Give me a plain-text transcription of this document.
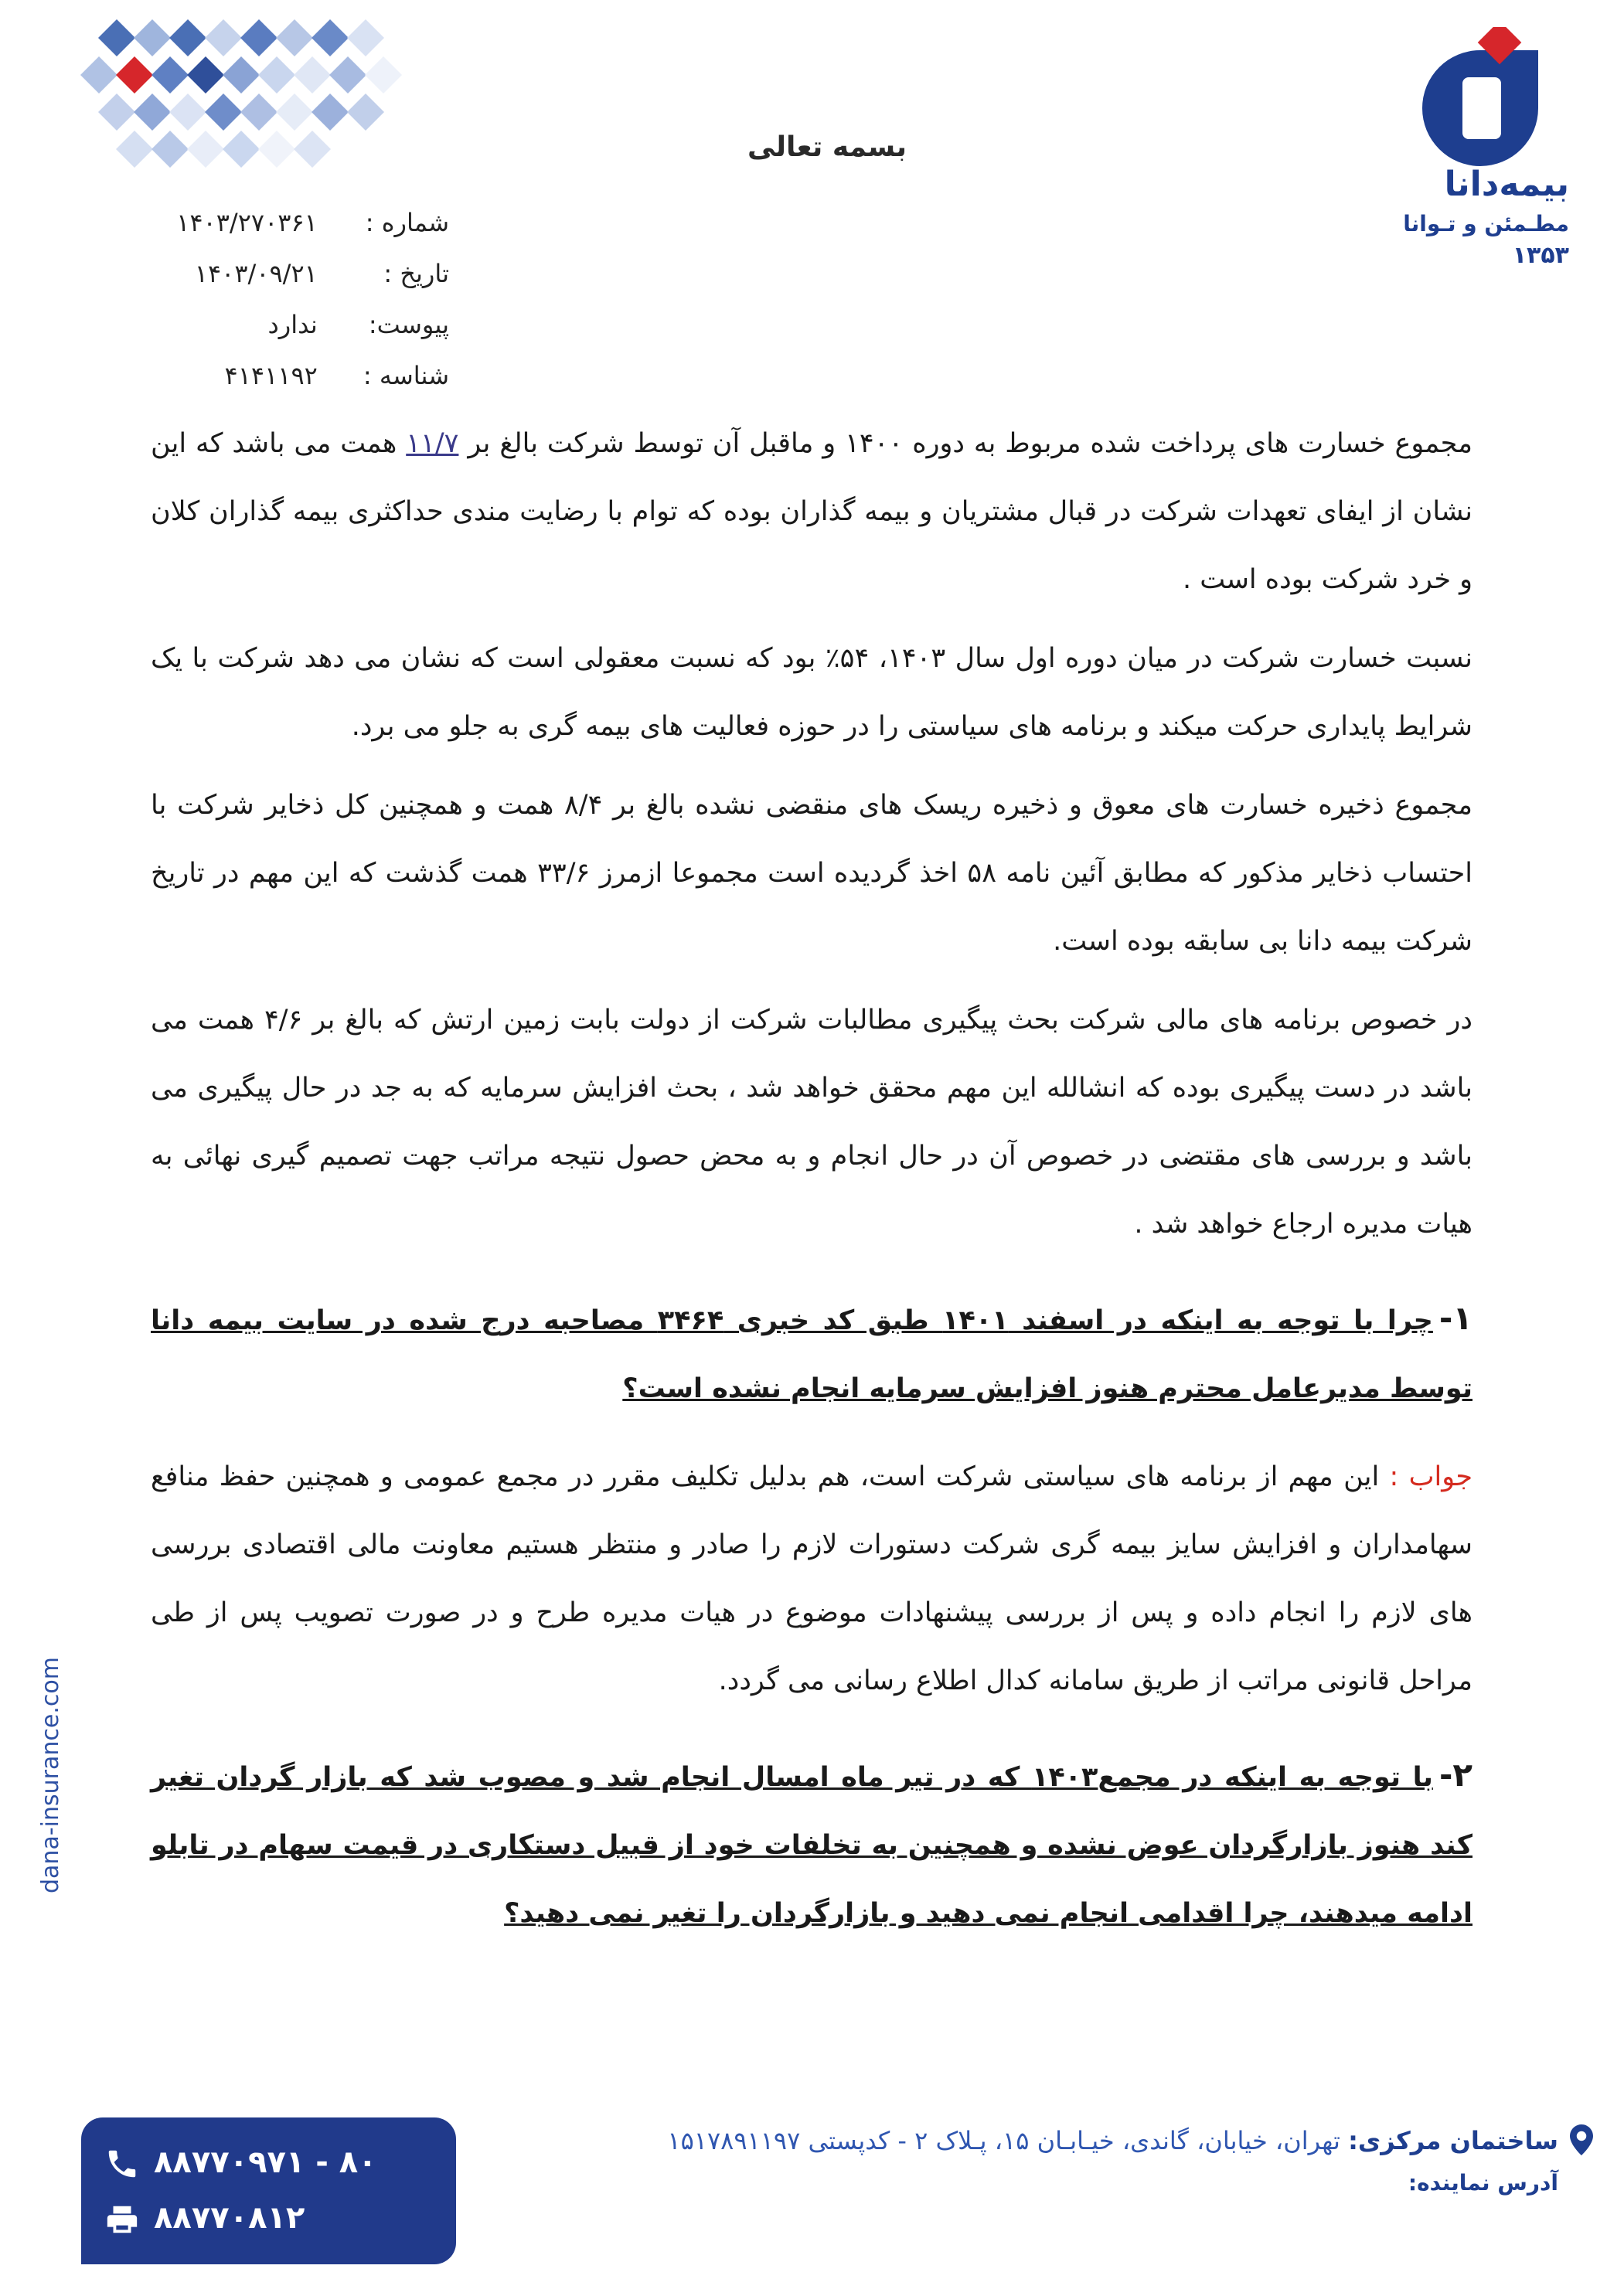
بیمه‌دانا
مطـمئن و تـوانا
۱۳۵۳
بسمه تعالی
شماره : ۱۴۰۳/۲۷۰۳۶۱
تاریخ : ۱۴۰۳/۰۹/۲۱
پیوست: ندارد
شناسه : ۴۱۴۱۱۹۲

مجموع خسارت های پرداخت شده مربوط به دوره ۱۴۰۰ و ماقبل آن توسط شرکت بالغ بر ۱۱/۷ همت می باشد که این نشان از ایفای تعهدات شرکت در قبال مشتریان و بیمه گذاران بوده که توام با رضایت مندی حداکثری بیمه گذاران کلان و خرد شرکت بوده است .

نسبت خسارت شرکت در میان دوره اول سال ۱۴۰۳، ۵۴٪ بود که نسبت معقولی است که نشان می دهد شرکت با یک شرایط پایداری حرکت میکند و برنامه های سیاستی را در حوزه فعالیت های بیمه گری به جلو می برد.

مجموع ذخیره خسارت های معوق و ذخیره ریسک های منقضی نشده بالغ بر ۸/۴ همت و همچنین کل ذخایر شرکت با احتساب ذخایر مذکور که مطابق آئین نامه ۵۸ اخذ گردیده است مجموعا ازمرز ۳۳/۶ همت گذشت که این مهم در تاریخ شرکت بیمه دانا بی سابقه بوده است.

در خصوص برنامه های مالی شرکت بحث پیگیری مطالبات شرکت از دولت بابت زمین ارتش که بالغ بر ۴/۶ همت می باشد در دست پیگیری بوده که انشالله این مهم محقق خواهد شد ، بحث افزایش سرمایه که به جد در حال پیگیری می باشد و بررسی های مقتضی در خصوص آن در حال انجام و به محض حصول نتیجه مراتب جهت تصمیم گیری نهائی به هیات مدیره ارجاع خواهد شد .

۱-چرا با توجه به اینکه در اسفند ۱۴۰۱ طبق کد خبری ۳۴۶۴ مصاحبه درج شده در سایت بیمه دانا توسط مدیرعامل محترم هنوز افزایش سرمایه انجام نشده است؟

جواب : این مهم از برنامه های سیاستی شرکت است، هم بدلیل تکلیف مقرر در مجمع عمومی و همچنین حفظ منافع سهامداران و افزایش سایز بیمه گری شرکت دستورات لازم را صادر و منتظر هستیم معاونت مالی اقتصادی بررسی های لازم را انجام داده و پس از بررسی پیشنهادات موضوع در هیات مدیره طرح و در صورت تصویب پس از طی مراحل قانونی مراتب از طریق سامانه کدال اطلاع رسانی می گردد.

۲-با توجه به اینکه در مجمع۱۴۰۳ که در تیر ماه امسال انجام شد و مصوب شد که بازار گردان تغیر کند هنوز بازارگردان عوض نشده و همچنین به تخلفات خود از قبیل دستکاری در قیمت سهام در تابلو ادامه میدهند، چرا اقدامی انجام نمی دهید و بازارگردان را تغیر نمی دهید؟

dana-insurance.com
۸۸۷۷۰۹۷۱ - ۸۰
۸۸۷۷۰۸۱۲
ساختمان مرکزی: تهران، خیابان، گاندی، خیـابـان ۱۵، پـلاک ۲ - کدپستی ۱۵۱۷۸۹۱۱۹۷
آدرس نماینده:
